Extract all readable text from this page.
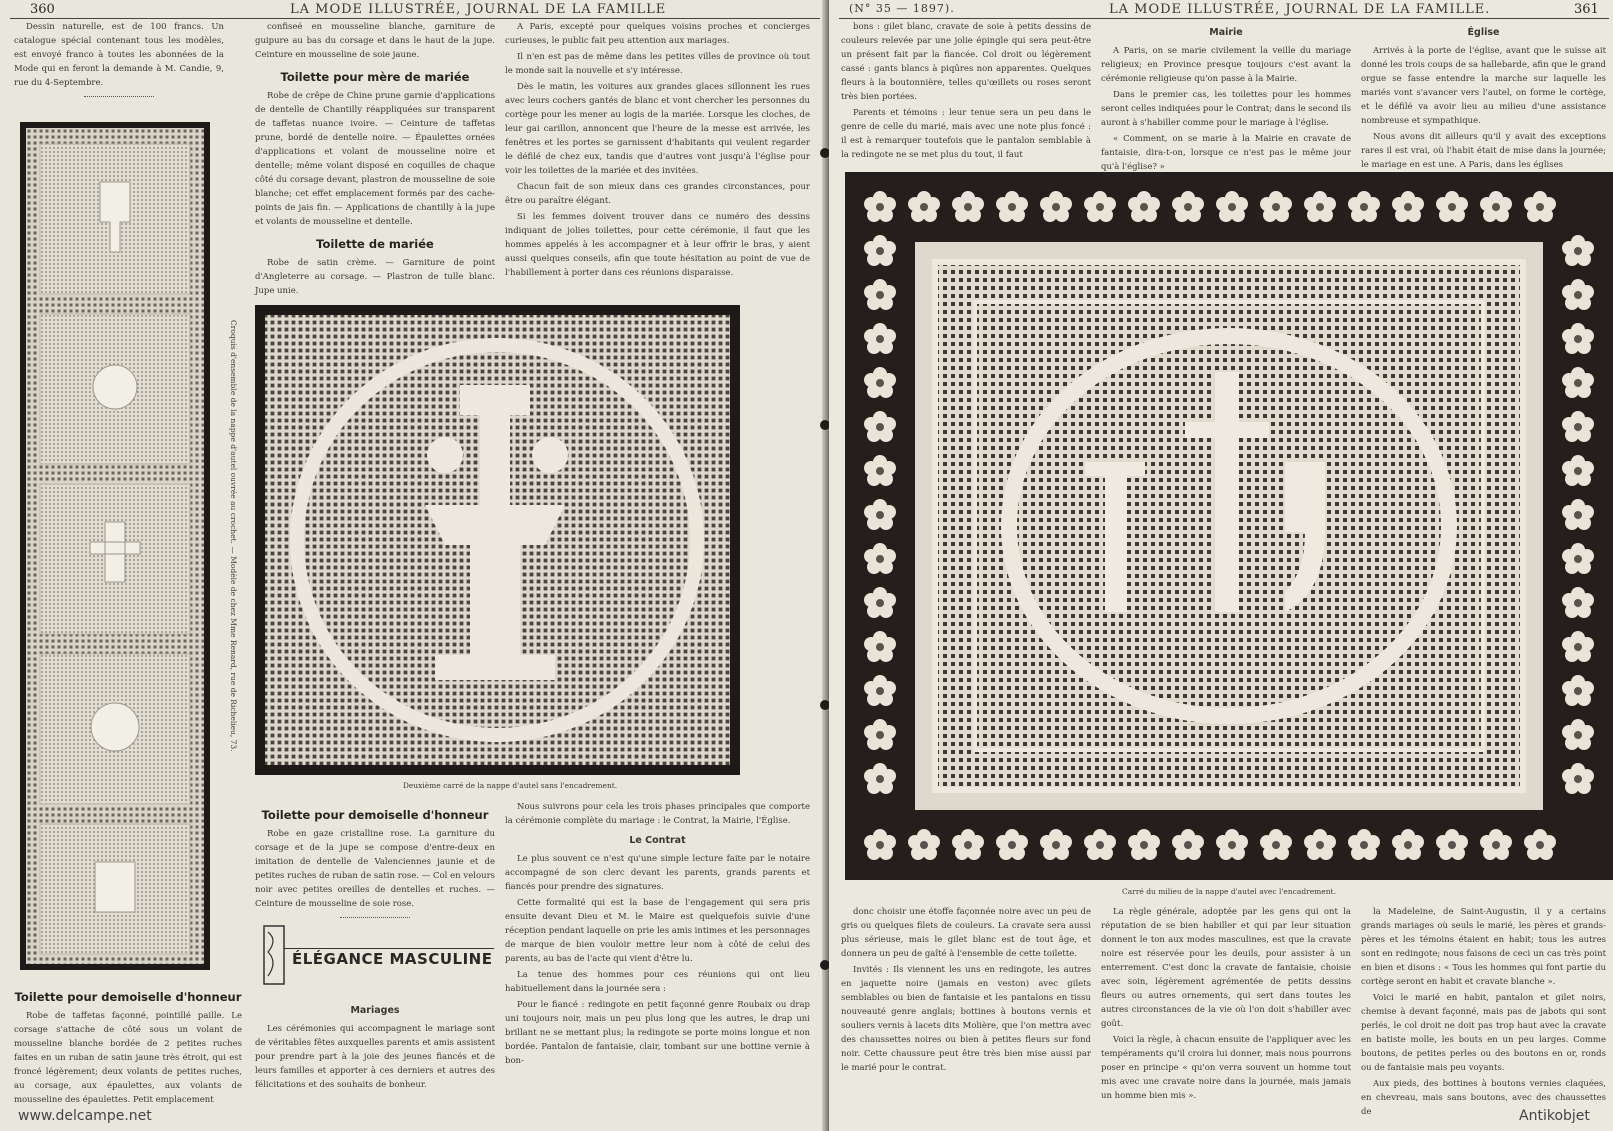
360	LA MODE ILLUSTRÉE, JOURNAL DE LA FAMILLE

Dessin naturelle, est de 100 francs. Un catalogue spécial contenant tous les modèles, est envoyé franco à toutes les abonnées de la Mode qui en feront la demande à M. Candie, 9, rue du 4-Septembre.

Croquis d'ensemble de la nappe d'autel ouvrée au crochet. — Modèle de chez Mme Renard, rue de Richelieu, 73.

confiseé en mousseline blanche, garniture de guipure au bas du corsage et dans le haut de la jupe. Ceinture en mousseline de soie jaune.

Toilette pour mère de mariée

Robe de crêpe de Chine prune garnie d'applications de dentelle de Chantilly réappliquées sur transparent de taffetas nuance ivoire. — Ceinture de taffetas prune, bordé de dentelle noire. — Épaulettes ornées d'applications et volant de mousseline noire et dentelle; même volant disposé en coquilles de chaque côté du corsage devant, plastron de mousseline de soie blanche; cet effet emplacement formés par des cache-points de jais fin. — Applications de chantilly à la jupe et volants de mousseline et dentelle.

Toilette de mariée

Robe de satin crème. — Garniture de point d'Angleterre au corsage. — Plastron de tulle blanc. Jupe unie.

A Paris, excepté pour quelques voisins proches et concierges curieuses, le public fait peu attention aux mariages.

Il n'en est pas de même dans les petites villes de province où tout le monde sait la nouvelle et s'y intéresse.

Dès le matin, les voitures aux grandes glaces sillonnent les rues avec leurs cochers gantés de blanc et vont chercher les personnes du cortège pour les mener au logis de la mariée. Lorsque les cloches, de leur gai carillon, annoncent que l'heure de la messe est arrivée, les fenêtres et les portes se garnissent d'habitants qui veulent regarder le défilé de chez eux, tandis que d'autres vont jusqu'à l'église pour voir les toilettes de la mariée et des invitées.

Chacun fait de son mieux dans ces grandes circonstances, pour être ou paraître élégant.

Si les femmes doivent trouver dans ce numéro des dessins indiquant de jolies toilettes, pour cette cérémonie, il faut que les hommes appelés à les accompagner et à leur offrir le bras, y aient aussi quelques conseils, afin que toute hésitation au point de vue de l'habillement à porter dans ces réunions disparaisse.

Deuxième carré de la nappe d'autel sans l'encadrement.
Toilette pour demoiselle d'honneur

Robe en gaze cristalline rose. La garniture du corsage et de la jupe se compose d'entre-deux en imitation de dentelle de Valenciennes jaunie et de petites ruches de ruban de satin rose. — Col en velours noir avec petites oreilles de dentelles et ruches. — Ceinture de mousseline de soie rose.

ÉLÉGANCE MASCULINE
Mariages

Les cérémonies qui accompagnent le mariage sont de véritables fêtes auxquelles parents et amis assistent pour prendre part à la joie des jeunes fiancés et de leurs familles et apporter à ces derniers et autres des félicitations et des souhaits de bonheur.

Toilette pour demoiselle d'honneur

Robe de taffetas façonné, pointillé paille. Le corsage s'attache de côté sous un volant de mousseline blanche bordée de 2 petites ruches faites en un ruban de satin jaune très étroit, qui est froncé légèrement; deux volants de petites ruches, au corsage, aux épaulettes, aux volants de mousseline des épaulettes. Petit emplacement

Nous suivrons pour cela les trois phases principales que comporte la cérémonie complète du mariage : le Contrat, la Mairie, l'Église.

Le Contrat

Le plus souvent ce n'est qu'une simple lecture faite par le notaire accompagné de son clerc devant les parents, grands parents et fiancés pour prendre des signatures.

Cette formalité qui est la base de l'engagement qui sera pris ensuite devant Dieu et M. le Maire est quelquefois suivie d'une réception pendant laquelle on prie les amis intimes et les personnages de marque de bien vouloir mettre leur nom à côté de celui des parents, au bas de l'acte qui vient d'être lu.

La tenue des hommes pour ces réunions qui ont lieu habituellement dans la journée sera :

Pour le fiancé : redingote en petit façonné genre Roubaix ou drap uni toujours noir, mais un peu plus long que les autres, le drap uni brillant ne se mettant plus; la redingote se porte moins longue et non bordée. Pantalon de fantaisie, clair, tombant sur une bottine vernie à bon-

www.delcampe.net
(N° 35 — 1897).	LA MODE ILLUSTRÉE, JOURNAL DE LA FAMILLE.	361

bons : gilet blanc, cravate de soie à petits dessins de couleurs relevée par une jolie épingle qui sera peut-être un présent fait par la fiancée. Col droit ou légèrement cassé : gants blancs à piqûres non apparentes. Quelques fleurs à la boutonnière, telles qu'œillets ou roses seront très bien portées.

Parents et témoins : leur tenue sera un peu dans le genre de celle du marié, mais avec une note plus foncé : il est à remarquer toutefois que le pantalon semblable à la redingote ne se met plus du tout, il faut

Mairie

A Paris, on se marie civilement la veille du mariage religieux; en Province presque toujours c'est avant la cérémonie religieuse qu'on passe à la Mairie.

Dans le premier cas, les toilettes pour les hommes seront celles indiquées pour le Contrat; dans le second ils auront à s'habiller comme pour le mariage à l'église.

« Comment, on se marie à la Mairie en cravate de fantaisie, dira-t-on, lorsque ce n'est pas le même jour qu'à l'église? »

Église

Arrivés à la porte de l'église, avant que le suisse ait donné les trois coups de sa hallebarde, afin que le grand orgue se fasse entendre la marche sur laquelle les mariés vont s'avancer vers l'autel, on forme le cortège, et le défilé va avoir lieu au milieu d'une assistance nombreuse et sympathique.

Nous avons dit ailleurs qu'il y avait des exceptions rares il est vrai, où l'habit était de mise dans la journée; le mariage en est une. A Paris, dans les églises

Carré du milieu de la nappe d'autel avec l'encadrement.

donc choisir une étoffe façonnée noire avec un peu de gris ou quelques filets de couleurs. La cravate sera aussi plus sérieuse, mais le gilet blanc est de tout âge, et donnera un peu de gaîté à l'ensemble de cette toilette.

Invités : Ils viennent les uns en redingote, les autres en jaquette noire (jamais en veston) avec gilets semblables ou bien de fantaisie et les pantalons en tissu nouveauté genre anglais; bottines à boutons vernis et souliers vernis à lacets dits Molière, que l'on mettra avec des chaussettes noires ou bien à petites fleurs sur fond noir. Cette chaussure peut être très bien mise aussi par le marié pour le contrat.

La règle générale, adoptée par les gens qui ont la réputation de se bien habiller et qui par leur situation donnent le ton aux modes masculines, est que la cravate noire est réservée pour les deuils, pour assister à un enterrement. C'est donc la cravate de fantaisie, choisie avec soin, légèrement agrémentée de petits dessins fleurs ou autres ornements, qui sert dans toutes les autres circonstances de la vie où l'on doit s'habiller avec goût.

Voici la règle, à chacun ensuite de l'appliquer avec les tempéraments qu'il croira lui donner, mais nous pourrons poser en principe « qu'on verra souvent un homme tout mis avec une cravate noire dans la journée, mais jamais un homme bien mis ».

la Madeleine, de Saint-Augustin, il y a certains grands mariages où seuls le marié, les pères et grands-pères et les témoins étaient en habit; tous les autres sont en redingote; nous faisons de ceci un cas très point en bien et disons : « Tous les hommes qui font partie du cortège seront en habit et cravate blanche ».

Voici le marié en habit, pantalon et gilet noirs, chemise à devant façonné, mais pas de jabots qui sont perlés, le col droit ne doit pas trop haut avec la cravate en batiste molle, les bouts en un peu larges. Comme boutons, de petites perles ou des boutons en or, ronds ou de fantaisie mais peu voyants.

Aux pieds, des bottines à boutons vernies claquées, en chevreau, mais sans boutons, avec des chaussettes de	Antikobjet
